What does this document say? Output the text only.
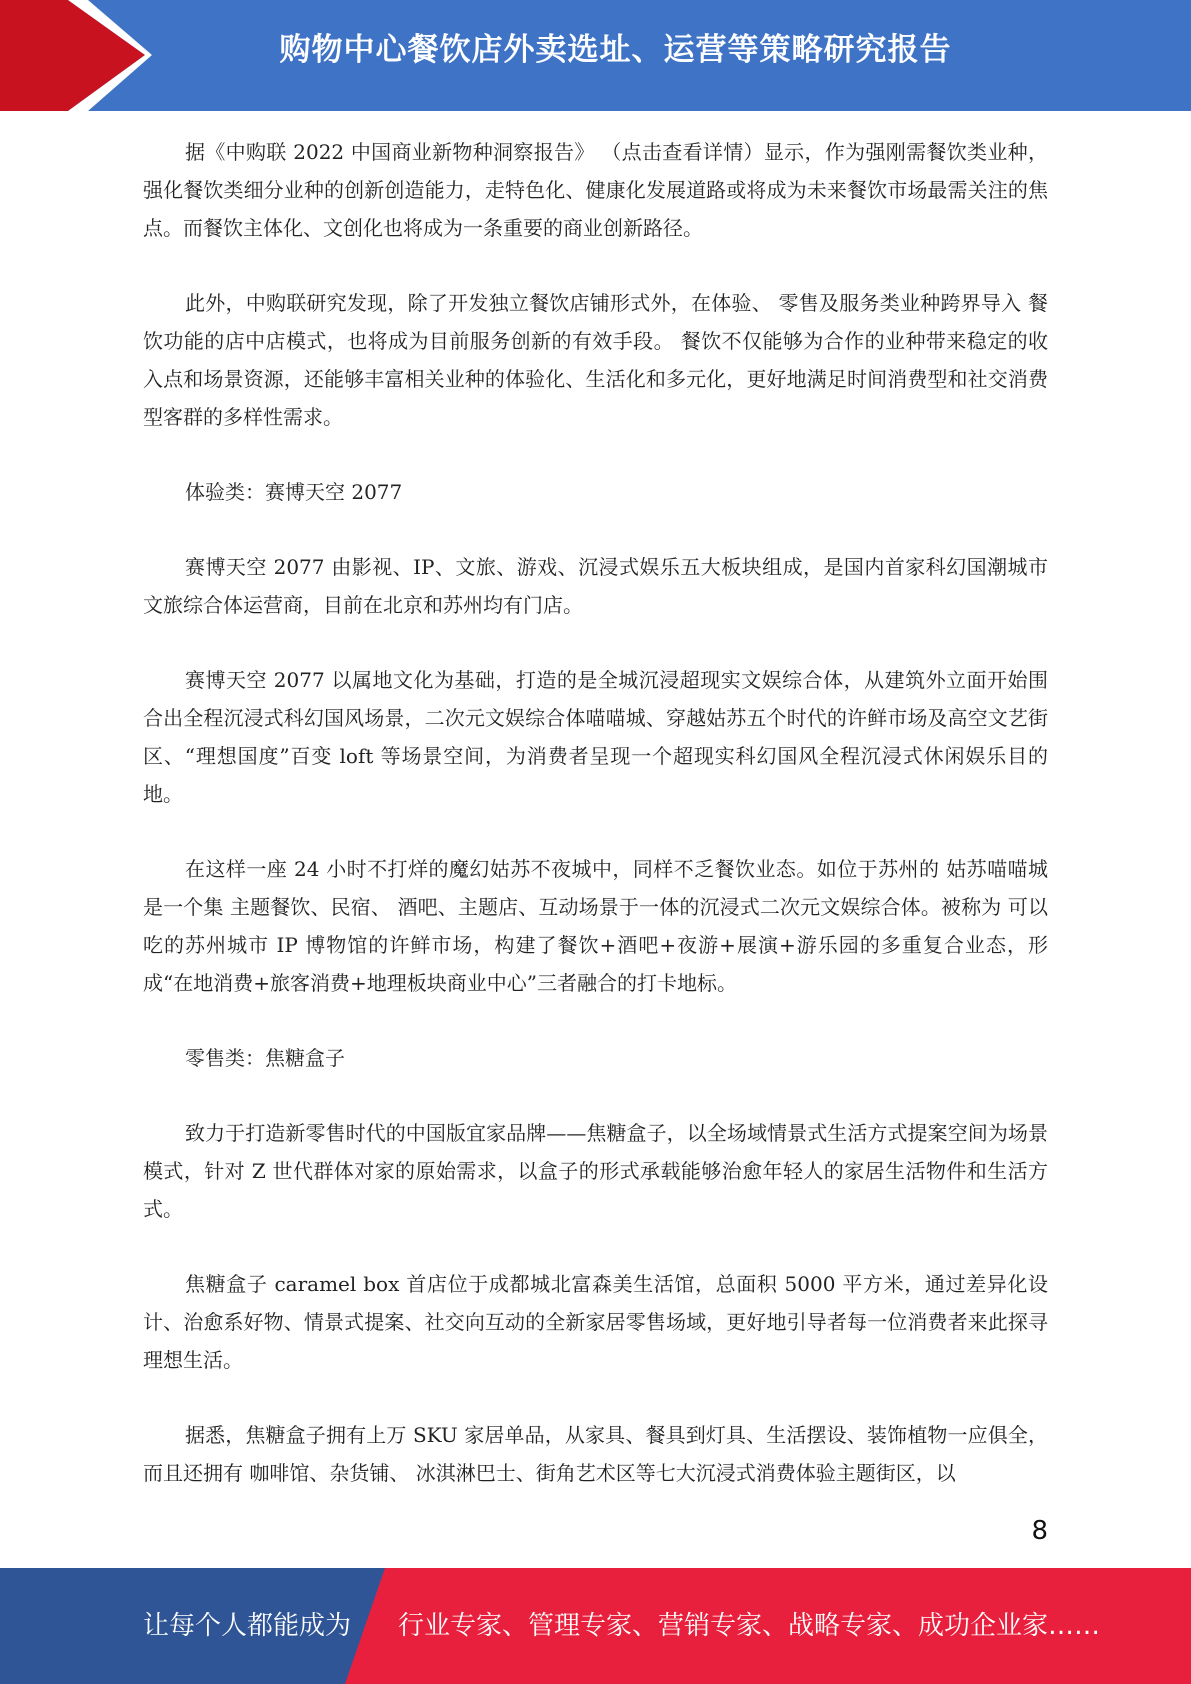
购物中心餐饮店外卖选址、运营等策略研究报告

据《中购联 2022 中国商业新物种洞察报告》 （点击查看详情）显示，作为强刚需餐饮类业种，强化餐饮类细分业种的创新创造能力，走特色化、健康化发展道路或将成为未来餐饮市场最需关注的焦点。而餐饮主体化、文创化也将成为一条重要的商业创新路径。

此外，中购联研究发现，除了开发独立餐饮店铺形式外，在体验、 零售及服务类业种跨界导入 餐饮功能的店中店模式，也将成为目前服务创新的有效手段。 餐饮不仅能够为合作的业种带来稳定的收入点和场景资源，还能够丰富相关业种的体验化、生活化和多元化，更好地满足时间消费型和社交消费型客群的多样性需求。

体验类：赛博天空 2077

赛博天空 2077 由影视、IP、文旅、游戏、沉浸式娱乐五大板块组成，是国内首家科幻国潮城市文旅综合体运营商，目前在北京和苏州均有门店。

赛博天空 2077 以属地文化为基础，打造的是全城沉浸超现实文娱综合体，从建筑外立面开始围合出全程沉浸式科幻国风场景，二次元文娱综合体喵喵城、穿越姑苏五个时代的许鲜市场及高空文艺街区、“理想国度”百变 loft 等场景空间，为消费者呈现一个超现实科幻国风全程沉浸式休闲娱乐目的地。

在这样一座 24 小时不打烊的魔幻姑苏不夜城中，同样不乏餐饮业态。如位于苏州的 姑苏喵喵城是一个集 主题餐饮、民宿、 酒吧、主题店、互动场景于一体的沉浸式二次元文娱综合体。被称为 可以吃的苏州城市 IP 博物馆的许鲜市场，构建了餐饮+酒吧+夜游+展演+游乐园的多重复合业态，形成“在地消费+旅客消费+地理板块商业中心”三者融合的打卡地标。

零售类：焦糖盒子

致力于打造新零售时代的中国版宜家品牌——焦糖盒子，以全场域情景式生活方式提案空间为场景模式，针对 Z 世代群体对家的原始需求，以盒子的形式承载能够治愈年轻人的家居生活物件和生活方式。

焦糖盒子 caramel box 首店位于成都城北富森美生活馆，总面积 5000 平方米，通过差异化设计、治愈系好物、情景式提案、社交向互动的全新家居零售场域，更好地引导者每一位消费者来此探寻理想生活。

据悉，焦糖盒子拥有上万 SKU 家居单品，从家具、餐具到灯具、生活摆设、装饰植物一应俱全，而且还拥有 咖啡馆、杂货铺、 冰淇淋巴士、街角艺术区等七大沉浸式消费体验主题街区，以

8
让每个人都能成为 行业专家、管理专家、营销专家、战略专家、成功企业家……
